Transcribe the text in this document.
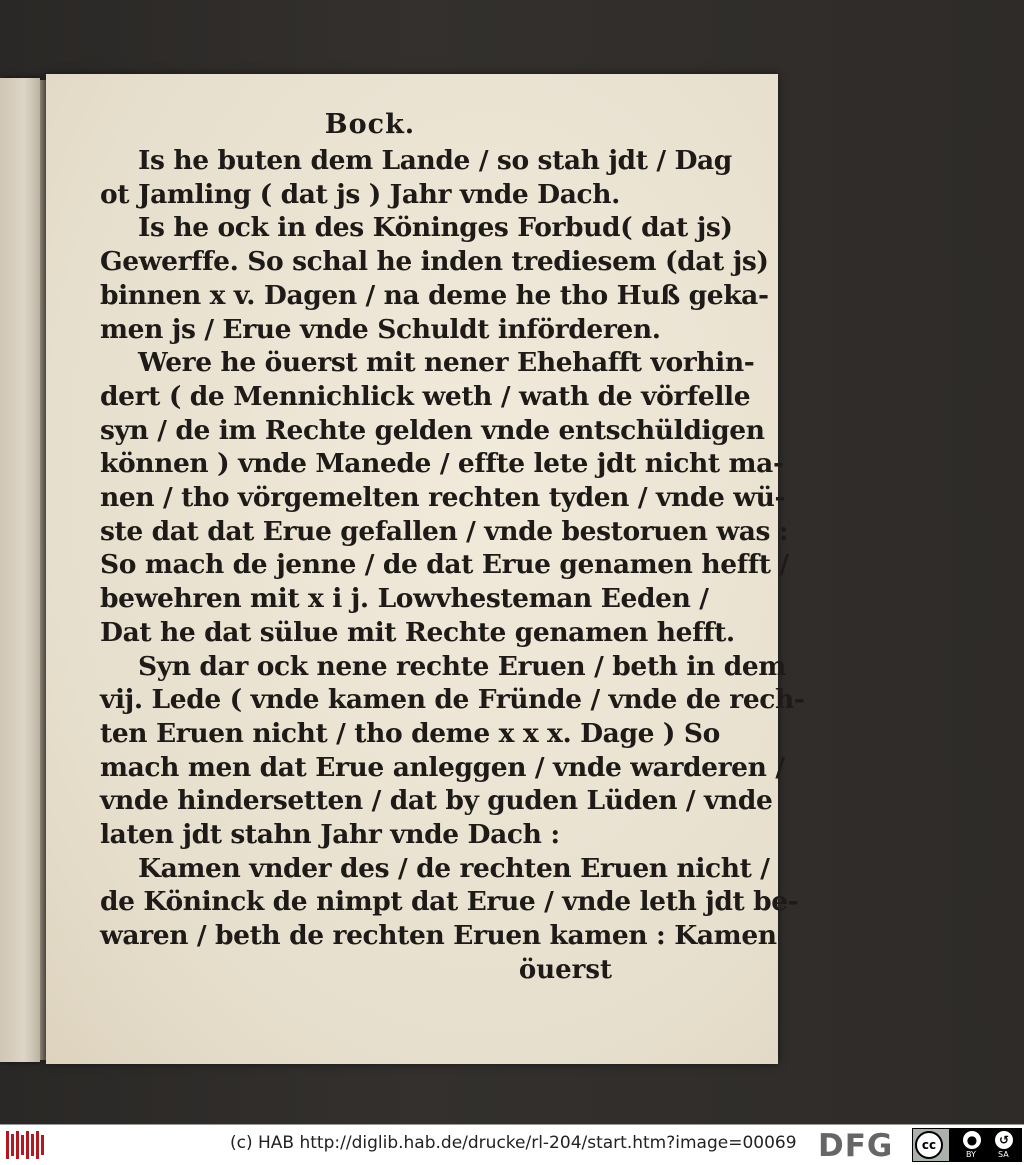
Bock.
Is he buten dem Lande / so stah jdt / Dag
ot Jamling ( dat js ) Jahr vnde Dach.
Is he ock in des Köninges Forbud( dat js)
Gewerffe. So schal he inden trediesem (dat js)
binnen x v. Dagen / na deme he tho Huß geka-
men js / Erue vnde Schuldt införderen.
Were he öuerst mit nener Ehehafft vorhin-
dert ( de Mennichlick weth / wath de vörfelle
syn / de im Rechte gelden vnde entschüldigen
können ) vnde Manede / effte lete jdt nicht ma-
nen / tho vörgemelten rechten tyden / vnde wü-
ste dat dat Erue gefallen / vnde bestoruen was :
So mach de jenne / de dat Erue genamen hefft /
bewehren mit x i j. Lowvhesteman Eeden /
Dat he dat sülue mit Rechte genamen hefft.
Syn dar ock nene rechte Eruen / beth in dem
vij. Lede ( vnde kamen de Fründe / vnde de rech-
ten Eruen nicht / tho deme x x x. Dage ) So
mach men dat Erue anleggen / vnde warderen /
vnde hindersetten / dat by guden Lüden / vnde
laten jdt stahn Jahr vnde Dach :
Kamen vnder des / de rechten Eruen nicht /
de Köninck de nimpt dat Erue / vnde leth jdt be-
waren / beth de rechten Eruen kamen : Kamen
öuerst
(c) HAB http://diglib.hab.de/drucke/rl-204/start.htm?image=00069 DFG	cc	●	↺
BY	SA
